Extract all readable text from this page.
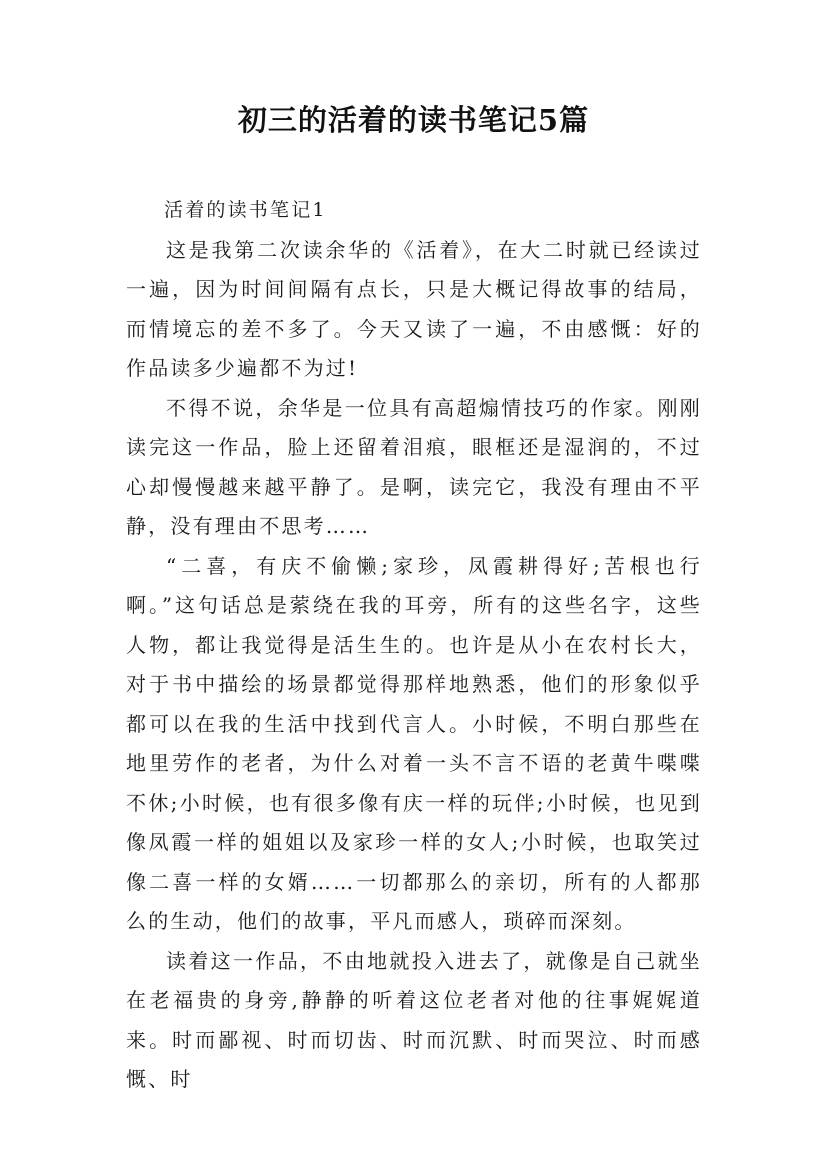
初三的活着的读书笔记5篇

活着的读书笔记1

这是我第二次读余华的《活着》，在大二时就已经读过一遍，因为时间间隔有点长，只是大概记得故事的结局，而情境忘的差不多了。今天又读了一遍，不由感慨：好的作品读多少遍都不为过!

不得不说，余华是一位具有高超煽情技巧的作家。刚刚读完这一作品，脸上还留着泪痕，眼框还是湿润的，不过心却慢慢越来越平静了。是啊，读完它，我没有理由不平静，没有理由不思考……

“二喜，有庆不偷懒;家珍，凤霞耕得好;苦根也行啊。”这句话总是萦绕在我的耳旁，所有的这些名字，这些人物，都让我觉得是活生生的。也许是从小在农村长大，对于书中描绘的场景都觉得那样地熟悉，他们的形象似乎都可以在我的生活中找到代言人。小时候，不明白那些在地里劳作的老者，为什么对着一头不言不语的老黄牛喋喋不休;小时候，也有很多像有庆一样的玩伴;小时候，也见到像凤霞一样的姐姐以及家珍一样的女人;小时候，也取笑过像二喜一样的女婿……一切都那么的亲切，所有的人都那么的生动，他们的故事，平凡而感人，琐碎而深刻。

读着这一作品，不由地就投入进去了，就像是自己就坐在老福贵的身旁,静静的听着这位老者对他的往事娓娓道来。时而鄙视、时而切齿、时而沉默、时而哭泣、时而感慨、时
